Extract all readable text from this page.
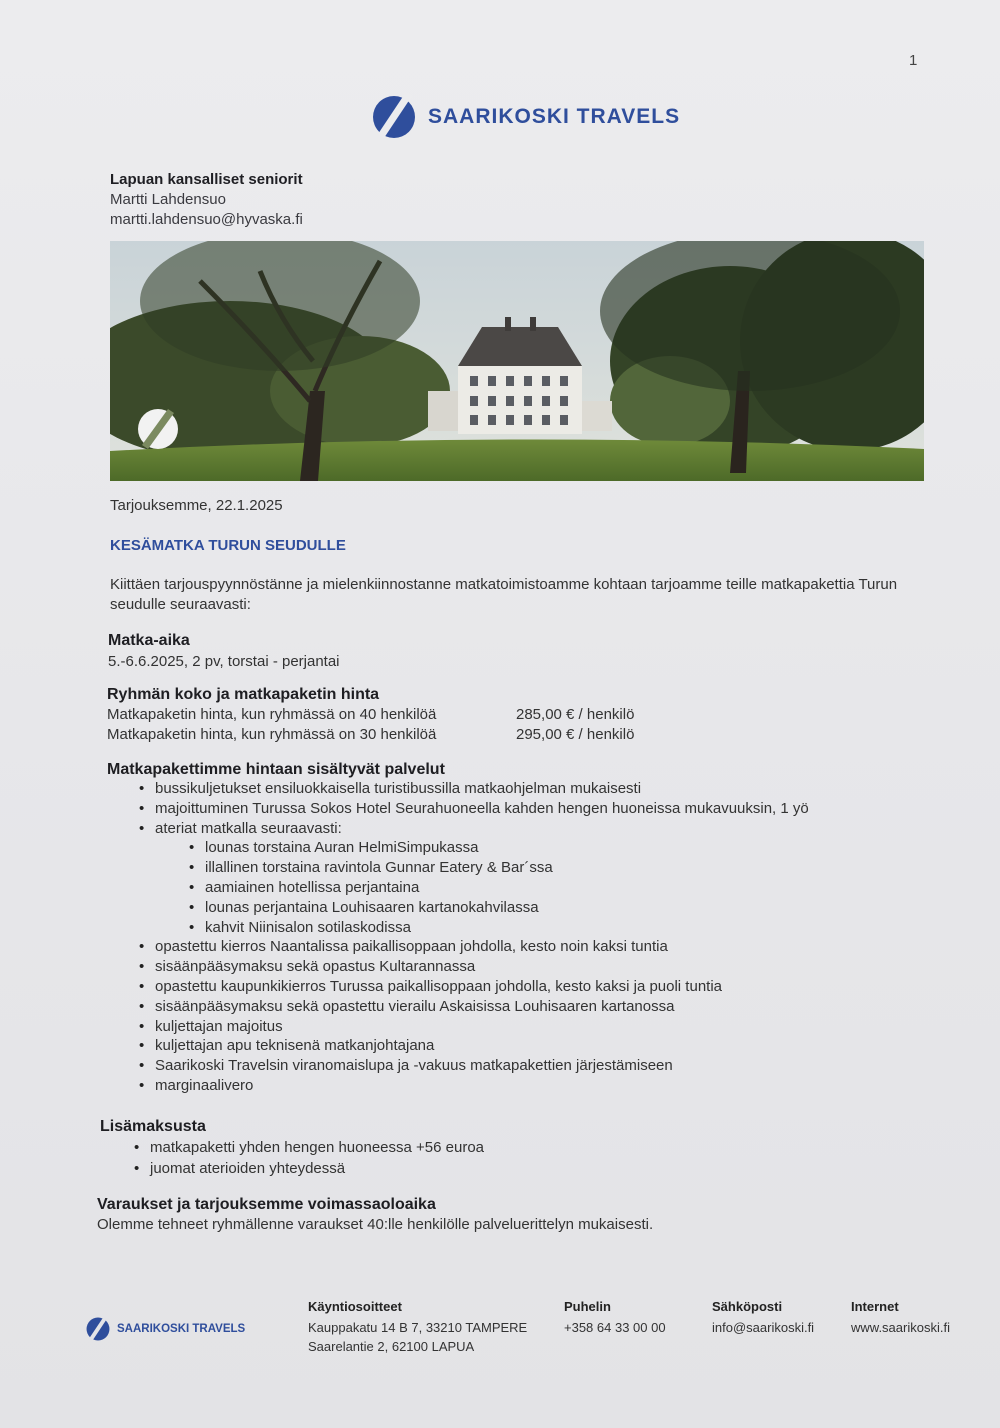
1
SAARIKOSKI TRAVELS
Lapuan kansalliset seniorit
Martti Lahdensuo
martti.lahdensuo@hyvaska.fi
Tarjouksemme, 22.1.2025
KESÄMATKA TURUN SEUDULLE
Kiittäen tarjouspyynnöstänne ja mielenkiinnostanne matkatoimistoamme kohtaan tarjoamme teille matkapakettia Turun seudulle seuraavasti:
Matka-aika
5.-6.6.2025, 2 pv, torstai - perjantai
Ryhmän koko ja matkapaketin hinta
Matkapaketin hinta, kun ryhmässä on 40 henkilöä	285,00 € / henkilö
Matkapaketin hinta, kun ryhmässä on 30 henkilöä	295,00 € / henkilö
Matkapakettimme hintaan sisältyvät palvelut
• bussikuljetukset ensiluokkaisella turistibussilla matkaohjelman mukaisesti
• majoittuminen Turussa Sokos Hotel Seurahuoneella kahden hengen huoneissa mukavuuksin, 1 yö
• ateriat matkalla seuraavasti:
• lounas torstaina Auran HelmiSimpukassa
• illallinen torstaina ravintola Gunnar Eatery & Bar´ssa
• aamiainen hotellissa perjantaina
• lounas perjantaina Louhisaaren kartanokahvilassa
• kahvit Niinisalon sotilaskodissa
• opastettu kierros Naantalissa paikallisoppaan johdolla, kesto noin kaksi tuntia
• sisäänpääsymaksu sekä opastus Kultarannassa
• opastettu kaupunkikierros Turussa paikallisoppaan johdolla, kesto kaksi ja puoli tuntia
• sisäänpääsymaksu sekä opastettu vierailu Askaisissa Louhisaaren kartanossa
• kuljettajan majoitus
• kuljettajan apu teknisenä matkanjohtajana
• Saarikoski Travelsin viranomaislupa ja -vakuus matkapakettien järjestämiseen
• marginaalivero
Lisämaksusta
• matkapaketti yhden hengen huoneessa +56 euroa
• juomat aterioiden yhteydessä
Varaukset ja tarjouksemme voimassaoloaika
Olemme tehneet ryhmällenne varaukset 40:lle henkilölle palveluerittelyn mukaisesti.
SAARIKOSKI TRAVELS
Käyntiosoitteet
Kauppakatu 14 B 7, 33210 TAMPERE
Saarelantie 2, 62100 LAPUA
Puhelin
+358 64 33 00 00
Sähköposti
info@saarikoski.fi
Internet
www.saarikoski.fi
